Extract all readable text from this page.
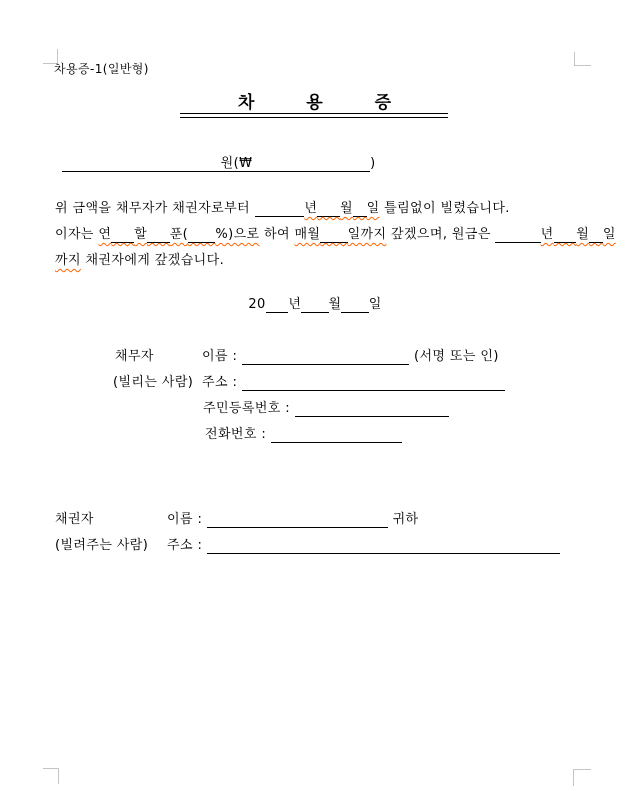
차용증-1(일반형)
차 용 증
원(₩	)
위 금액을 채무자가 채권자로부터	년 월 일 틀림없이 빌렸습니다.
이자는 연 할 푼( %)으로 하여 매월 일까지 갚겠으며, 원금은	년 월 일
까지 채권자에게 갚겠습니다.
20 년 월 일
채무자	이름 :	(서명 또는 인)
(빌리는 사람) 주소 :
주민등록번호 :
전화번호 :
채권자	이름 :	귀하
(빌려주는 사람) 주소 :
